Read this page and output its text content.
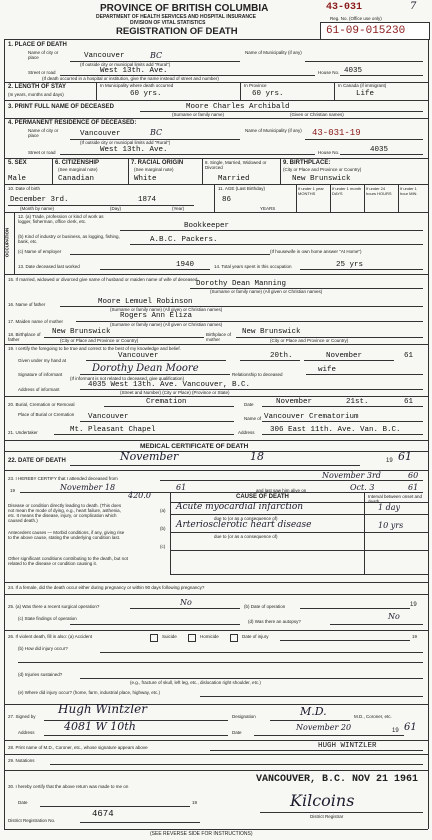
43-031	7
Reg. No. (Office use only)
61-09-015230
PROVINCE OF BRITISH COLUMBIA
DEPARTMENT OF HEALTH SERVICES AND HOSPITAL INSURANCE
DIVISION OF VITAL STATISTICS
REGISTRATION OF DEATH
1. PLACE OF DEATH
Name of city or place	Vancouver	BC	Name of Municipality (if any)
(If outside city or municipal limits add "Rural")
Street or road	West 13th. Ave.	House No. 4035
(If death occurred in a hospital or institution, give the name instead of street and number)
2. LENGTH OF STAY
(In years, months and days)
In Municipality where death occurred
60 yrs.
In Province
60 yrs.
In Canada (if immigrant)
Life
3. PRINT FULL NAME OF DECEASED	Moore Charles Archibald
(Surname or family name)	(Given or Christian names)
4. PERMANENT RESIDENCE OF DECEASED:
Name of city or place	Vancouver	BC	Name of Municipality (if any)	43-031-19
(If outside city or municipal limits add "Rural")
Street or road	West 13th. Ave.	House No.	4035
5. SEX
Male
6. CITIZENSHIP
(See marginal note)
Canadian
7. RACIAL ORIGIN
(See marginal note)
White
8. Single, Married, Widowed or Divorced
Married
9. BIRTHPLACE:
(City or Place and Province or Country)
New Brunswick
10. Date of birth
December 3rd.	1874
(Month by name)	(Day)	(Year)
11. AGE (Last Birthday)
86
YEARS
If under 1 year MONTHS
If under 1 month DAYS
If under 24 hours HOURS
If under 1 hour MIN.
OCCUPATION
12. (a) Trade, profession or kind of work as logger, fisherman, office clerk, etc.
Bookkeeper
(b) Kind of industry or business, as logging, fishing, bank, etc.	A.B.C. Packers.
(c) Name of employer	(If housewife in own home answer "At Home")
13. Date deceased last worked	1940	14. Total years spent in this occupation	25 yrs
15. If married, widowed or divorced give name of husband or maiden name of wife of deceased
Dorothy Dean Manning
(Surname or family name) (All given or Christian names)
16. Name of father	Moore Lemuel Robinson
(Surname or family name) (All given or Christian names)
17. Maiden name of mother
Rogers Ann Eliza
(Surname or family name) (All given or Christian names)
18. Birthplace of father
New Brunswick	Birthplace of mother
New Brunswick
(City or Place and Province or Country)	(City or Place and Province or Country)
19. I certify the foregoing to be true and correct to the best of my knowledge and belief.
Given under my hand at
Vancouver	20th.	November	61
Signature of informant
Dorothy Dean Moore
Relationship to deceased
wife
(If informant is not related to deceased, give qualification)
Address of informant
4035 West 13th. Ave. Vancouver, B.C.
(Street and Number) (City or Place) (Province or State)
20. Burial, Cremation or Removal	Cremation	Date	November	21st.	61
Place of Burial or Cremation	Vancouver	Name of Vancouver Crematorium
21. Undertaker	Mt. Pleasant Chapel	Address 306 East 11th. Ave. Van. B.C.
MEDICAL CERTIFICATE OF DEATH
22. DATE OF DEATH	November	18	19 61
23. I HEREBY CERTIFY that I attended deceased from	November 3rd	60
19	November 18	61	and last saw him alive on	Oct. 3	61
420.0	CAUSE OF DEATH	Interval between onset and death
Disease or condition directly leading to death. (This does not mean the mode of dying, e.g., heart failure, asthenia, etc. It means the disease, injury, or complication which caused death.)
(a) Acute myocardial infarction	1 day
due to (or as a consequence of)
Antecedent causes — Morbid conditions, if any, giving rise to the above cause, stating the underlying condition last.
(b) Arteriosclerotic heart disease	10 yrs
due to (or as a consequence of)
(c)
Other significant conditions contributing to the death, but not related to the disease or condition causing it.
24. If a female, did the death occur either during pregnancy or within 90 days following pregnancy?
25. (a) Was there a recent surgical operation?	No	(b) Date of operation	19
(c) State findings of operation
(d) Was there an autopsy?
No
26. If violent death, fill in also: (a) Accident	Suicide	Homicide	Date of injury	19
(b) How did injury occur?
(d) Injuries sustained?
(e.g., fracture of skull, left leg, etc., dislocation right shoulder, etc.)
(e) Where did injury occur? (home, farm, industrial place, highway, etc.)
27. Signed by
Hugh Wintzler
Designation	M.D.	M.D., Coroner, etc.
Address	4081 W 10th	Date
November 20	19 61
28. Print name of M.D., Coroner, etc., whose signature appears above	HUGH WINTZLER
29. Notations
30. I hereby certify that the above return was made to me on
VANCOUVER, B.C. NOV 21 1961
Date	19	Kilcoins
District Registrar
District Registration No.
4674
(SEE REVERSE SIDE FOR INSTRUCTIONS)
